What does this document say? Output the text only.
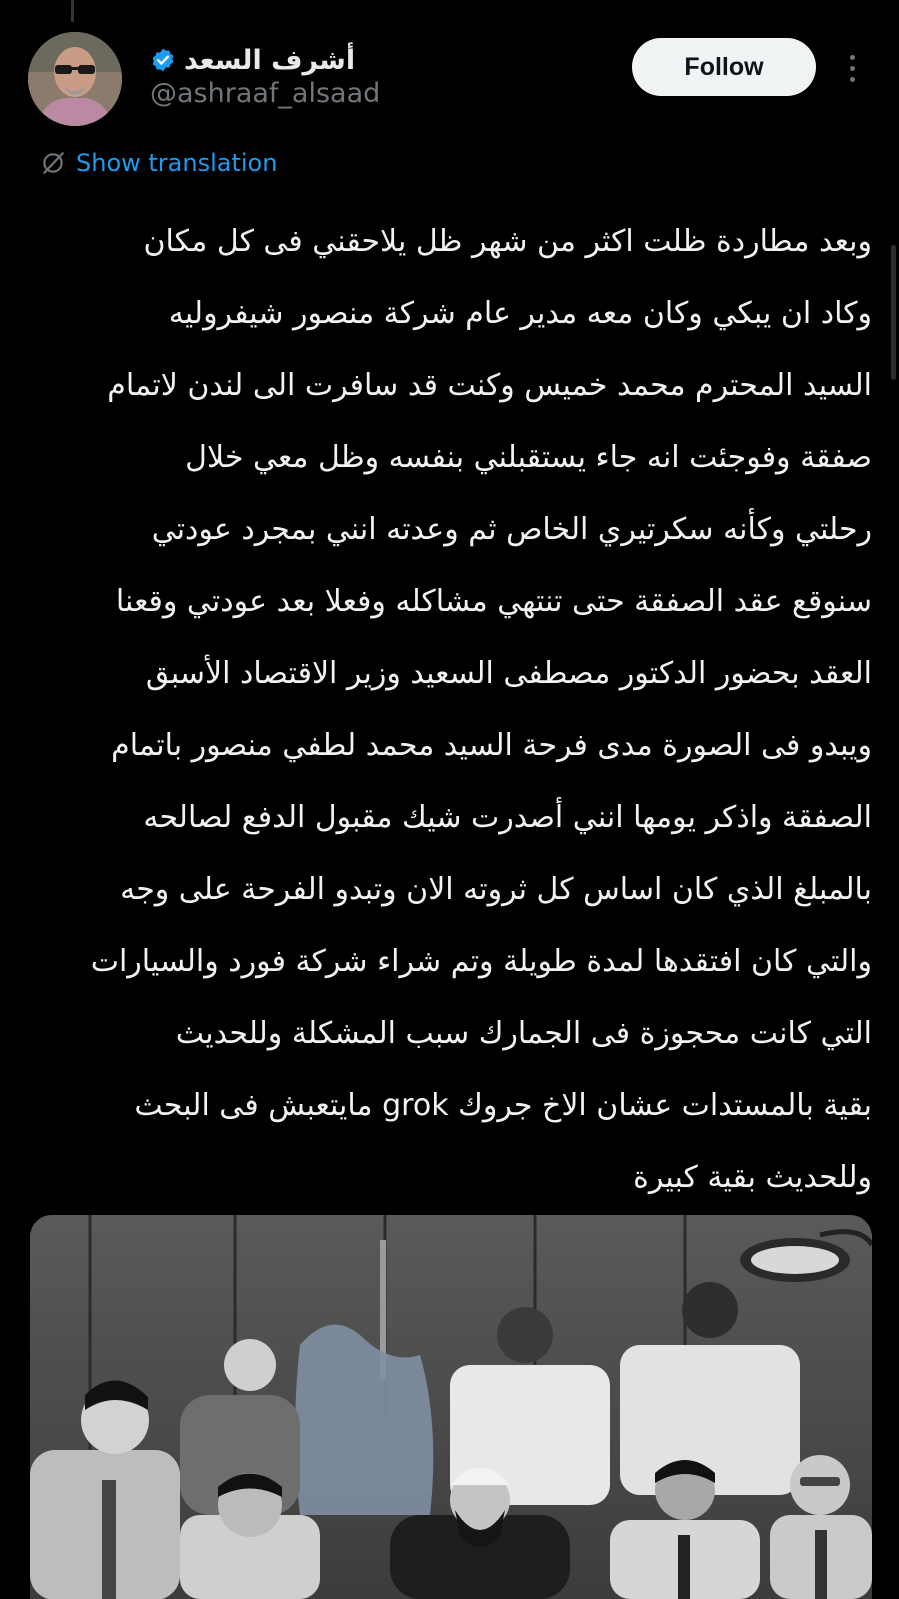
أشرف السعد
@ashraaf_alsaad
Follow
Show translation
وبعد مطاردة ظلت اكثر من شهر ظل يلاحقني فى كل مكان
وكاد ان يبكي وكان معه مدير عام شركة منصور شيفروليه
السيد المحترم محمد خميس وكنت قد سافرت الى لندن لاتمام
صفقة وفوجئت انه جاء يستقبلني بنفسه وظل معي خلال
رحلتي وكأنه سكرتيري الخاص ثم وعدته انني بمجرد عودتي
سنوقع عقد الصفقة حتى تنتهي مشاكله وفعلا بعد عودتي وقعنا
العقد بحضور الدكتور مصطفى السعيد وزير الاقتصاد الأسبق
ويبدو فى الصورة مدى فرحة السيد محمد لطفي منصور باتمام
الصفقة واذكر يومها انني أصدرت شيك مقبول الدفع لصالحه
بالمبلغ الذي كان اساس كل ثروته الان وتبدو الفرحة على وجه
والتي كان افتقدها لمدة طويلة وتم شراء شركة فورد والسيارات
التي كانت محجوزة فى الجمارك سبب المشكلة وللحديث
بقية بالمستدات عشان الاخ جروك grok مايتعبش فى البحث
وللحديث بقية كبيرة
